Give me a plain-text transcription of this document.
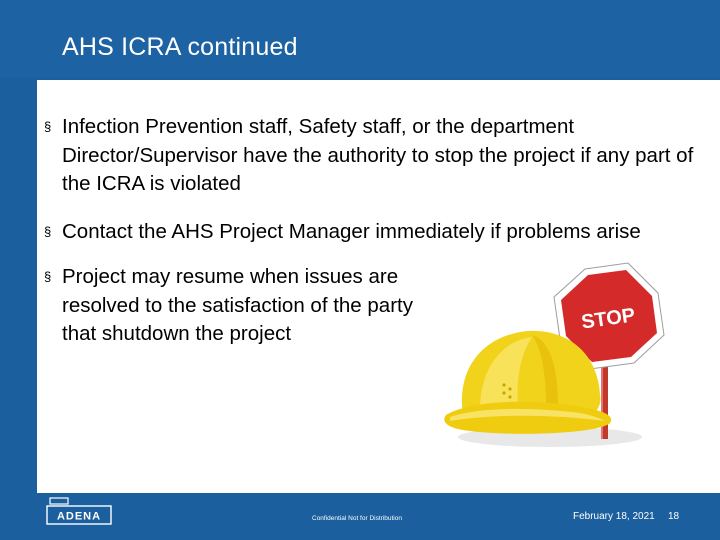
AHS ICRA continued
§ Infection Prevention staff, Safety staff, or the department Director/Supervisor have the authority to stop the project if any part of the ICRA is violated
§ Contact the AHS Project Manager immediately if problems arise
§ Project may resume when issues are resolved to the satisfaction of the party that shutdown the project	STOP
ADENA	Confidential Not for Distribution	February 18, 2021 18
